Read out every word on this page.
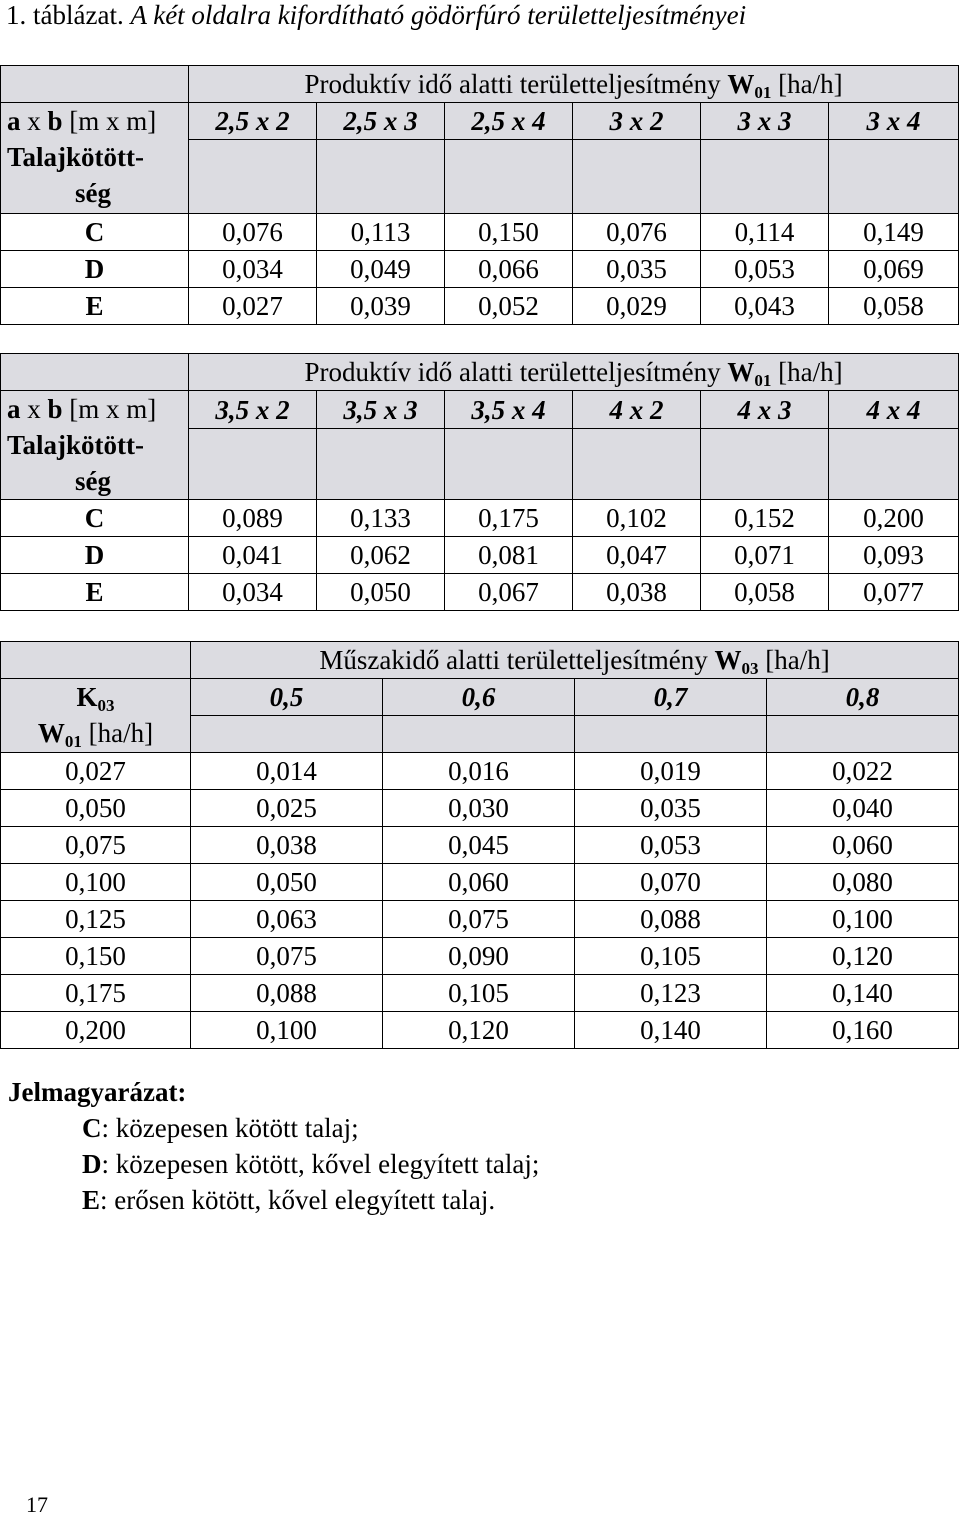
1. táblázat. A két oldalra kifordítható gödörfúró területteljesítményei
	Produktív idő alatti területteljesítmény $W_{01}$ [ha/h]					
a x b [m x m]
Talajkötött-
ség	2,5 x 2	2,5 x 3	2,5 x 4	3 x 2	3 x 3	3 x 4

C	0,076	0,113	0,150	0,076	0,114	0,149
D	0,034	0,049	0,066	0,035	0,053	0,069
E	0,027	0,039	0,052	0,029	0,043	0,058
	Produktív idő alatti területteljesítmény $W_{01}$ [ha/h]					
a x b [m x m]
Talajkötött-
ség	3,5 x 2	3,5 x 3	3,5 x 4	4 x 2	4 x 3	4 x 4

C	0,089	0,133	0,175	0,102	0,152	0,200
D	0,041	0,062	0,081	0,047	0,071	0,093
E	0,034	0,050	0,067	0,038	0,058	0,077
	Műszakidő alatti területteljesítmény $W_{03}$ [ha/h]			
$K_{03}$
$W_{01}$ [ha/h]	0,5	0,6	0,7	0,8

0,027	0,014	0,016	0,019	0,022
0,050	0,025	0,030	0,035	0,040
0,075	0,038	0,045	0,053	0,060
0,100	0,050	0,060	0,070	0,080
0,125	0,063	0,075	0,088	0,100
0,150	0,075	0,090	0,105	0,120
0,175	0,088	0,105	0,123	0,140
0,200	0,100	0,120	0,140	0,160
Jelmagyarázat:
C: közepesen kötött talaj;
D: közepesen kötött, kővel elegyített talaj;
E: erősen kötött, kővel elegyített talaj.
17
